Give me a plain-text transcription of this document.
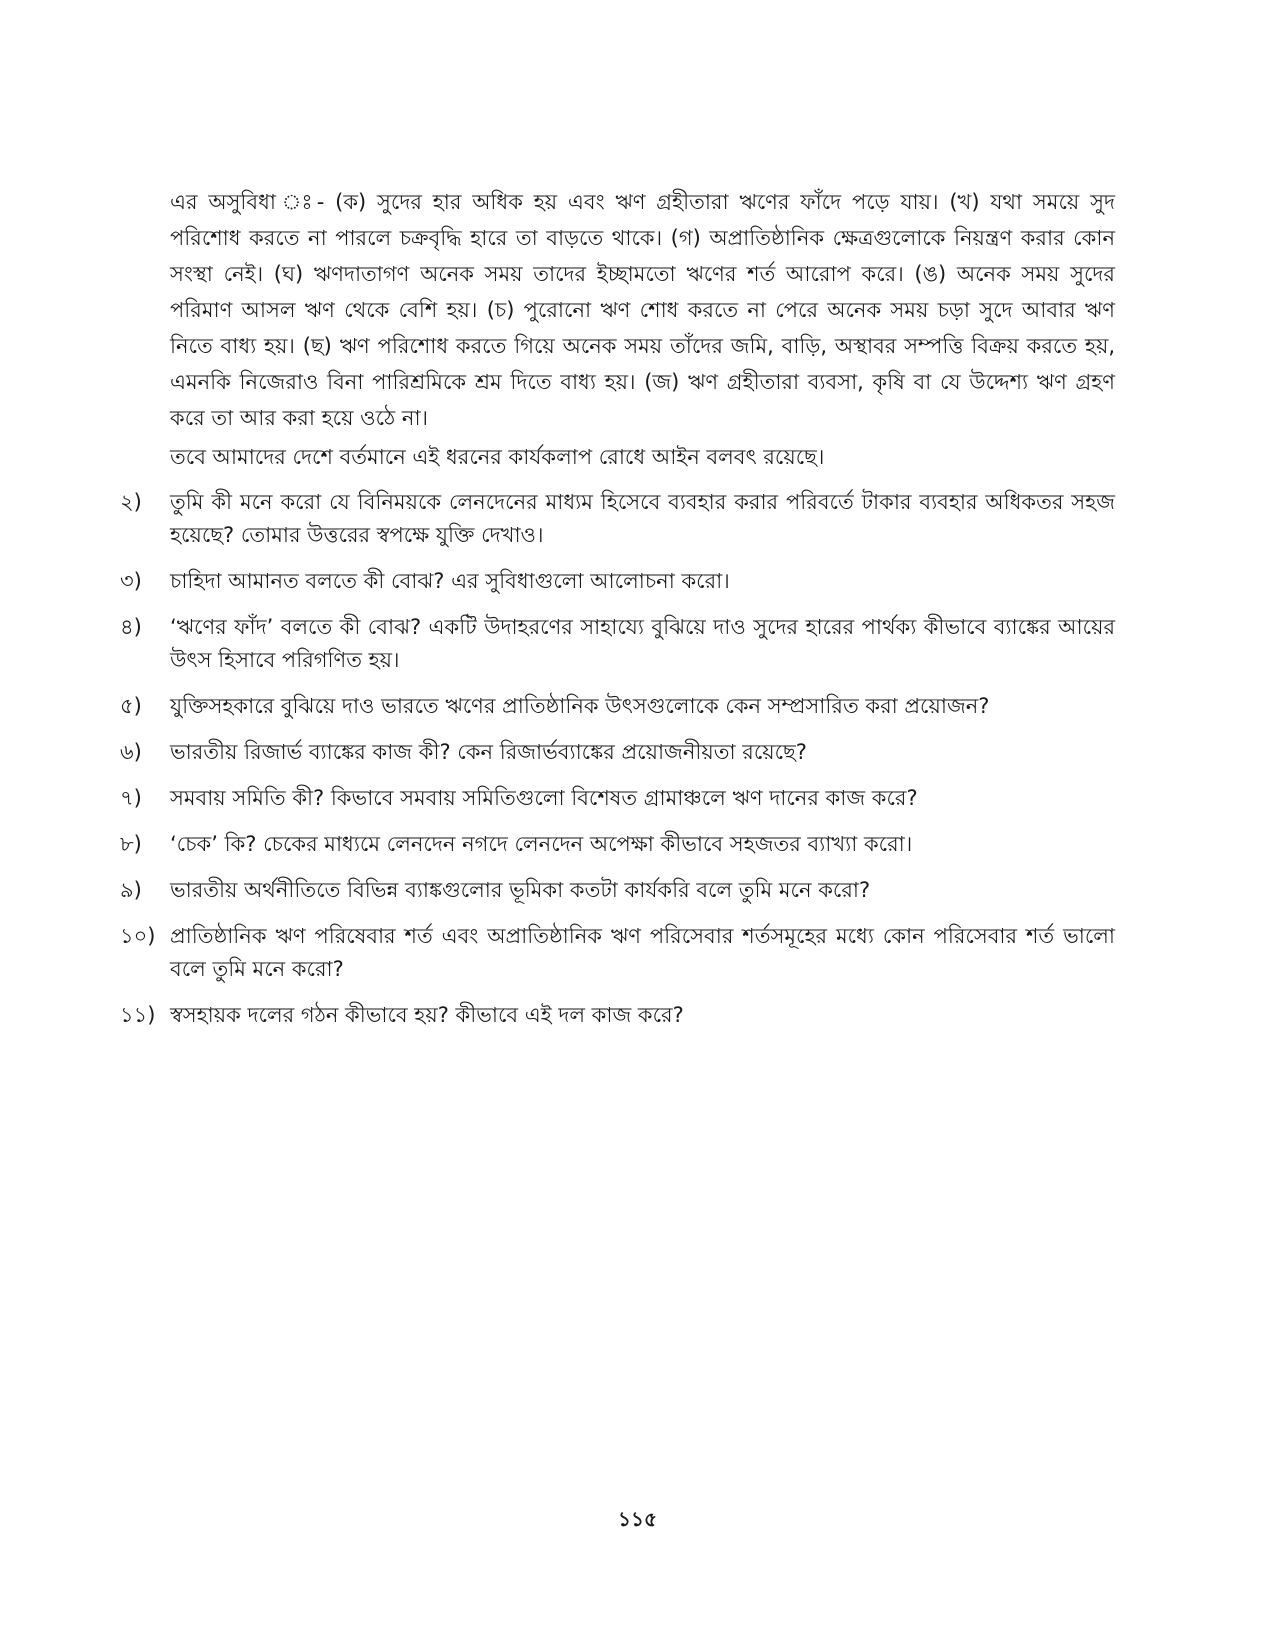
এর অসুবিধা ঃ- (ক) সুদের হার অধিক হয় এবং ঋণ গ্রহীতারা ঋণের ফাঁদে পড়ে যায়। (খ) যথা সময়ে সুদ পরিশোধ করতে না পারলে চক্রবৃদ্ধি হারে তা বাড়তে থাকে। (গ) অপ্রাতিষ্ঠানিক ক্ষেত্রগুলোকে নিয়ন্ত্রণ করার কোন সংস্থা নেই। (ঘ) ঋণদাতাগণ অনেক সময় তাদের ইচ্ছামতো ঋণের শর্ত আরোপ করে। (ঙ) অনেক সময় সুদের পরিমাণ আসল ঋণ থেকে বেশি হয়। (চ) পুরোনো ঋণ শোধ করতে না পেরে অনেক সময় চড়া সুদে আবার ঋণ নিতে বাধ্য হয়। (ছ) ঋণ পরিশোধ করতে গিয়ে অনেক সময় তাঁদের জমি, বাড়ি, অস্থাবর সম্পত্তি বিক্রয় করতে হয়, এমনকি নিজেরাও বিনা পারিশ্রমিকে শ্রম দিতে বাধ্য হয়। (জ) ঋণ গ্রহীতারা ব্যবসা, কৃষি বা যে উদ্দেশ্য ঋণ গ্রহণ করে তা আর করা হয়ে ওঠে না।

তবে আমাদের দেশে বর্তমানে এই ধরনের কার্যকলাপ রোধে আইন বলবৎ রয়েছে।

২)	তুমি কী মনে করো যে বিনিময়কে লেনদেনের মাধ্যম হিসেবে ব্যবহার করার পরিবর্তে টাকার ব্যবহার অধিকতর সহজ হয়েছে? তোমার উত্তরের স্বপক্ষে যুক্তি দেখাও।
৩)	চাহিদা আমানত বলতে কী বোঝ? এর সুবিধাগুলো আলোচনা করো।
৪)	‘ঋণের ফাঁদ’ বলতে কী বোঝ? একটি উদাহরণের সাহায্যে বুঝিয়ে দাও সুদের হারের পার্থক্য কীভাবে ব্যাঙ্কের আয়ের উৎস হিসাবে পরিগণিত হয়।
৫)	যুক্তিসহকারে বুঝিয়ে দাও ভারতে ঋণের প্রাতিষ্ঠানিক উৎসগুলোকে কেন সম্প্রসারিত করা প্রয়োজন?
৬)	ভারতীয় রিজার্ভ ব্যাঙ্কের কাজ কী? কেন রিজার্ভব্যাঙ্কের প্রয়োজনীয়তা রয়েছে?
৭)	সমবায় সমিতি কী? কিভাবে সমবায় সমিতিগুলো বিশেষত গ্রামাঞ্চলে ঋণ দানের কাজ করে?
৮)	‘চেক’ কি? চেকের মাধ্যমে লেনদেন নগদে লেনদেন অপেক্ষা কীভাবে সহজতর ব্যাখ্যা করো।
৯)	ভারতীয় অর্থনীতিতে বিভিন্ন ব্যাঙ্কগুলোর ভূমিকা কতটা কার্যকরি বলে তুমি মনে করো?
১০) প্রাতিষ্ঠানিক ঋণ পরিষেবার শর্ত এবং অপ্রাতিষ্ঠানিক ঋণ পরিসেবার শর্তসমূহের মধ্যে কোন পরিসেবার শর্ত ভালো বলে তুমি মনে করো?
১১) স্বসহায়ক দলের গঠন কীভাবে হয়? কীভাবে এই দল কাজ করে?
১১৫
